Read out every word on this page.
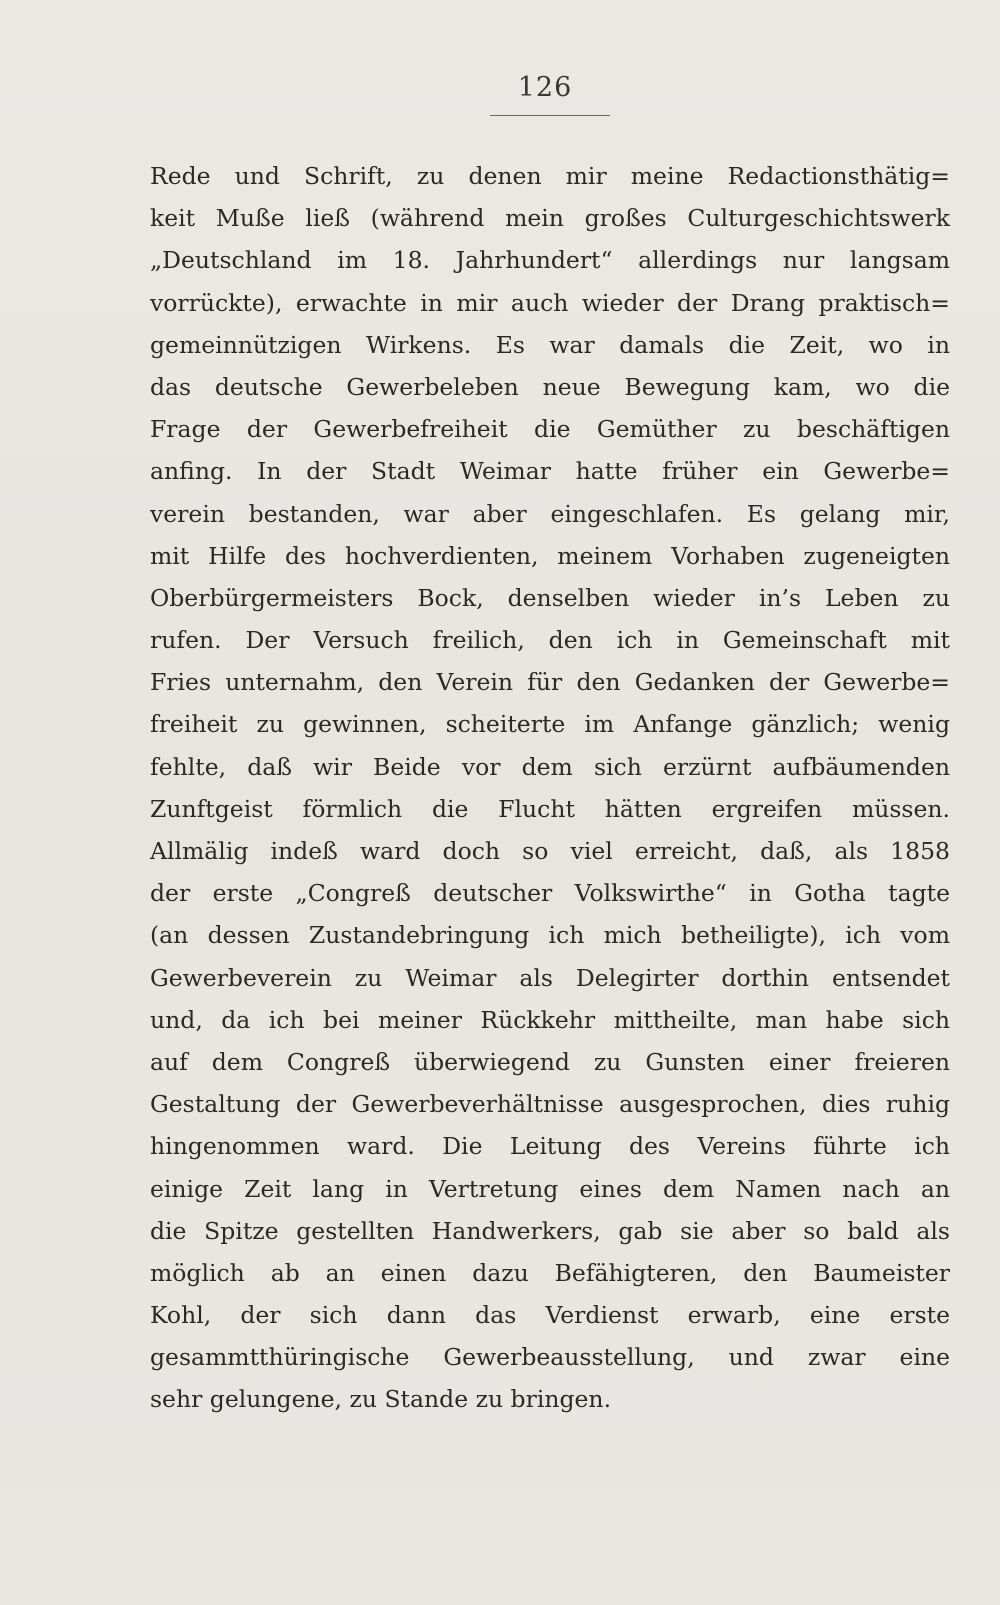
126
Rede und Schrift, zu denen mir meine Redactionsthätig=
keit Muße ließ (während mein großes Culturgeschichtswerk
„Deutschland im 18. Jahrhundert“ allerdings nur langsam
vorrückte), erwachte in mir auch wieder der Drang praktisch=
gemeinnützigen Wirkens. Es war damals die Zeit, wo in
das deutsche Gewerbeleben neue Bewegung kam, wo die
Frage der Gewerbefreiheit die Gemüther zu beschäftigen
anfing. In der Stadt Weimar hatte früher ein Gewerbe=
verein bestanden, war aber eingeschlafen. Es gelang mir,
mit Hilfe des hochverdienten, meinem Vorhaben zugeneigten
Oberbürgermeisters Bock, denselben wieder in’s Leben zu
rufen. Der Versuch freilich, den ich in Gemeinschaft mit
Fries unternahm, den Verein für den Gedanken der Gewerbe=
freiheit zu gewinnen, scheiterte im Anfange gänzlich; wenig
fehlte, daß wir Beide vor dem sich erzürnt aufbäumenden
Zunftgeist förmlich die Flucht hätten ergreifen müssen.
Allmälig indeß ward doch so viel erreicht, daß, als 1858
der erste „Congreß deutscher Volkswirthe“ in Gotha tagte
(an dessen Zustandebringung ich mich betheiligte), ich vom
Gewerbeverein zu Weimar als Delegirter dorthin entsendet
und, da ich bei meiner Rückkehr mittheilte, man habe sich
auf dem Congreß überwiegend zu Gunsten einer freieren
Gestaltung der Gewerbeverhältnisse ausgesprochen, dies ruhig
hingenommen ward. Die Leitung des Vereins führte ich
einige Zeit lang in Vertretung eines dem Namen nach an
die Spitze gestellten Handwerkers, gab sie aber so bald als
möglich ab an einen dazu Befähigteren, den Baumeister
Kohl, der sich dann das Verdienst erwarb, eine erste
gesammtthüringische Gewerbeausstellung, und zwar eine
sehr gelungene, zu Stande zu bringen.
